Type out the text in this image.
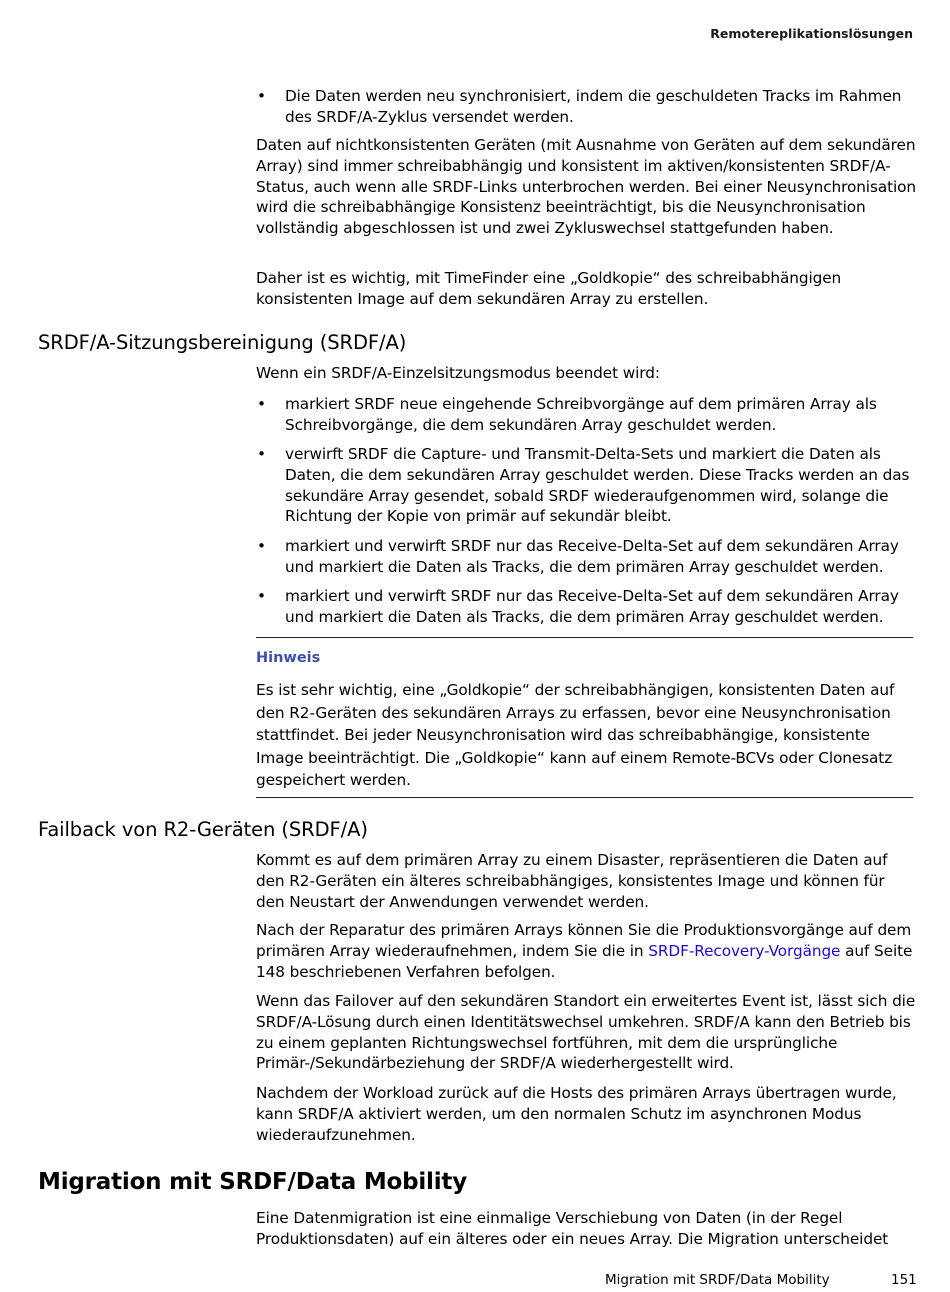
Remotereplikationslösungen

• Die Daten werden neu synchronisiert, indem die geschuldeten Tracks im Rahmen des SRDF/A-Zyklus versendet werden.

Daten auf nichtkonsistenten Geräten (mit Ausnahme von Geräten auf dem sekundären Array) sind immer schreibabhängig und konsistent im aktiven/konsistenten SRDF/A-Status, auch wenn alle SRDF-Links unterbrochen werden. Bei einer Neusynchronisation wird die schreibabhängige Konsistenz beeinträchtigt, bis die Neusynchronisation vollständig abgeschlossen ist und zwei Zykluswechsel stattgefunden haben.

Daher ist es wichtig, mit TimeFinder eine „Goldkopie“ des schreibabhängigen konsistenten Image auf dem sekundären Array zu erstellen.

SRDF/A-Sitzungsbereinigung (SRDF/A)

Wenn ein SRDF/A-Einzelsitzungsmodus beendet wird:

• markiert SRDF neue eingehende Schreibvorgänge auf dem primären Array als Schreibvorgänge, die dem sekundären Array geschuldet werden.

• verwirft SRDF die Capture- und Transmit-Delta-Sets und markiert die Daten als Daten, die dem sekundären Array geschuldet werden. Diese Tracks werden an das sekundäre Array gesendet, sobald SRDF wiederaufgenommen wird, solange die Richtung der Kopie von primär auf sekundär bleibt.

• markiert und verwirft SRDF nur das Receive-Delta-Set auf dem sekundären Array und markiert die Daten als Tracks, die dem primären Array geschuldet werden.

• markiert und verwirft SRDF nur das Receive-Delta-Set auf dem sekundären Array und markiert die Daten als Tracks, die dem primären Array geschuldet werden.

Hinweis

Es ist sehr wichtig, eine „Goldkopie“ der schreibabhängigen, konsistenten Daten auf den R2-Geräten des sekundären Arrays zu erfassen, bevor eine Neusynchronisation stattfindet. Bei jeder Neusynchronisation wird das schreibabhängige, konsistente Image beeinträchtigt. Die „Goldkopie“ kann auf einem Remote-BCVs oder Clonesatz gespeichert werden.

Failback von R2-Geräten (SRDF/A)

Kommt es auf dem primären Array zu einem Disaster, repräsentieren die Daten auf den R2-Geräten ein älteres schreibabhängiges, konsistentes Image und können für den Neustart der Anwendungen verwendet werden.

Nach der Reparatur des primären Arrays können Sie die Produktionsvorgänge auf dem primären Array wiederaufnehmen, indem Sie die in SRDF-Recovery-Vorgänge auf Seite 148 beschriebenen Verfahren befolgen.

Wenn das Failover auf den sekundären Standort ein erweitertes Event ist, lässt sich die SRDF/A-Lösung durch einen Identitätswechsel umkehren. SRDF/A kann den Betrieb bis zu einem geplanten Richtungswechsel fortführen, mit dem die ursprüngliche Primär-/Sekundärbeziehung der SRDF/A wiederhergestellt wird.

Nachdem der Workload zurück auf die Hosts des primären Arrays übertragen wurde, kann SRDF/A aktiviert werden, um den normalen Schutz im asynchronen Modus wiederaufzunehmen.

Migration mit SRDF/Data Mobility

Eine Datenmigration ist eine einmalige Verschiebung von Daten (in der Regel Produktionsdaten) auf ein älteres oder ein neues Array. Die Migration unterscheidet

Migration mit SRDF/Data Mobility	151
